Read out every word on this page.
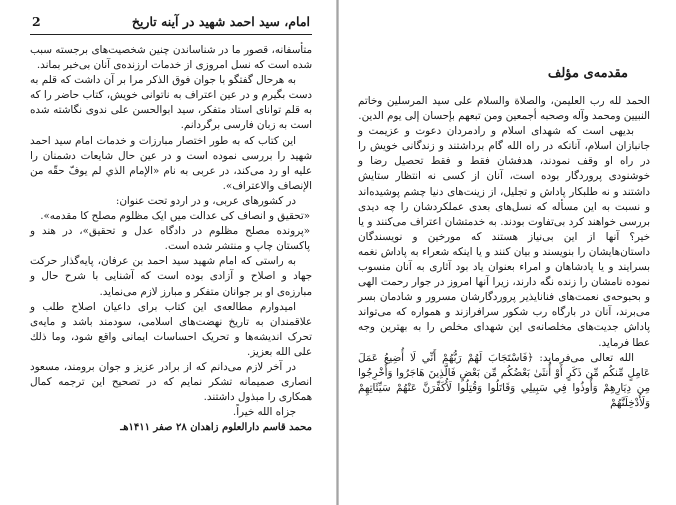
2	امام، سید احمد شهید در آینه تاریخ

متأسفانه، قصور ما در شناساندن چنین شخصیت‌های برجسته سبب شده است که نسل امروزی از خدمات ارزنده‌ی آنان بی‌خبر بماند.

به هرحال گفتگو با جوان فوق الذکر مرا بر آن داشت که قلم به دست بگیرم و در عین اعتراف به ناتوانی خویش، کتاب حاضر را که به قلم توانای استاد متفکر، سید ابوالحسن علی ندوی نگاشته شده است به زبان فارسی برگردانم.

این کتاب که به طور اختصار مبارزات و خدمات امام سید احمد شهید را بررسی نموده است و در عین حال شایعات دشمنان را علیه او رد می‌کند، در عربی به نام «الإمام الذي لم يوفّ حقّه من الإنصاف والاعتراف».

در کشورهای عربی، و در اردو تحت عنوان:

«تحقیق و انصاف کی عدالت میں ایک مظلوم مصلح کا مقدمه».

«پرونده مصلح مظلوم در دادگاه عدل و تحقیق»، در هند و پاکستان چاپ و منتشر شده است.

به راستی که امام شهید سید احمد بن عرفان، پایه‌گذار حرکت جهاد و اصلاح و آزادی بوده است که آشنایی با شرح حال و مبارزه‌ی او بر جوانان متفکر و مبارز لازم می‌نماید.

امیدوارم مطالعه‌ی این کتاب برای داعیان اصلاح طلب و علاقمندان به تاریخ نهضت‌های اسلامی، سودمند باشد و مایه‌ی تحرک اندیشه‌ها و تحریک احساسات ایمانی واقع شود، وما ذلك على الله بعزيز.

در آخر لازم می‌دانم که از برادر عزیز و جوان برومند، مسعود انصاری صمیمانه تشکر نمایم که در تصحیح این ترجمه کمال همکاری را مبذول داشتند.

جزاه الله خیراً.

محمد قاسم دارالعلوم زاهدان ۲۸ صفر ۱۴۱۱هـ

مقدمه‌ی مؤلف

الحمد لله رب العليمن، والصلاة والسلام على سيد المرسلين وخاتم النبيين ومحمد وآله وصحبه أجمعين ومن تبعهم بإحسان إلى يوم الدين.

بدیهی است که شهدای اسلام و رادمردان دعوت و عزیمت و جانبازان اسلام، آنانکه در راه الله گام برداشتند و زندگانی خویش را در راه او وقف نمودند، هدفشان فقط و فقط تحصیل رضا و خوشنودی پروردگار بوده است، آنان از کسی نه انتظار ستایش داشتند و نه طلبکار پاداش و تجلیل، از زینت‌های دنیا چشم پوشیده‌اند و نسبت به این مسأله که نسل‌های بعدی عملکردشان را چه دیدی بررسی خواهند کرد بی‌تفاوت بودند. به خدمتشان اعتراف می‌کنند و یا خیر؟ آنها از این بی‌نیاز هستند که مورخین و نویسندگان داستان‌هایشان را بنویسند و بیان کنند و یا اینکه شعراء به پاداش نغمه بسرایند و یا پادشاهان و امراء بعنوان یاد بود آثاری به آنان منسوب نموده نامشان را زنده نگه دارند، زیرا آنها امروز در جوار رحمت الهی و بحبوحه‌ی نعمت‌های فنانایذیر پروردگارشان مسرور و شادمان بسر می‌برند، آنان در بارگاه رب شکور سرافرازند و همواره که می‌تواند پاداش جدیت‌های مخلصانه‌ی این شهدای مخلص را به بهترین وجه عطا فرماید.

الله تعالی می‌فرماید: ﴿فَاسْتَجَابَ لَهُمْ رَبُّهُمْ أَنِّي لَا أُضِيعُ عَمَلَ عَامِلٍ مِّنكُم مِّن ذَكَرٍ أَوْ أُنثَىٰ بَعْضُكُم مِّن بَعْضٍ فَالَّذِينَ هَاجَرُوا وَأُخْرِجُوا مِن دِيَارِهِمْ وَأُوذُوا فِي سَبِيلِي وَقَاتَلُوا وَقُتِلُوا لَأُكَفِّرَنَّ عَنْهُمْ سَيِّئَاتِهِمْ وَلَأُدْخِلَنَّهُمْ
